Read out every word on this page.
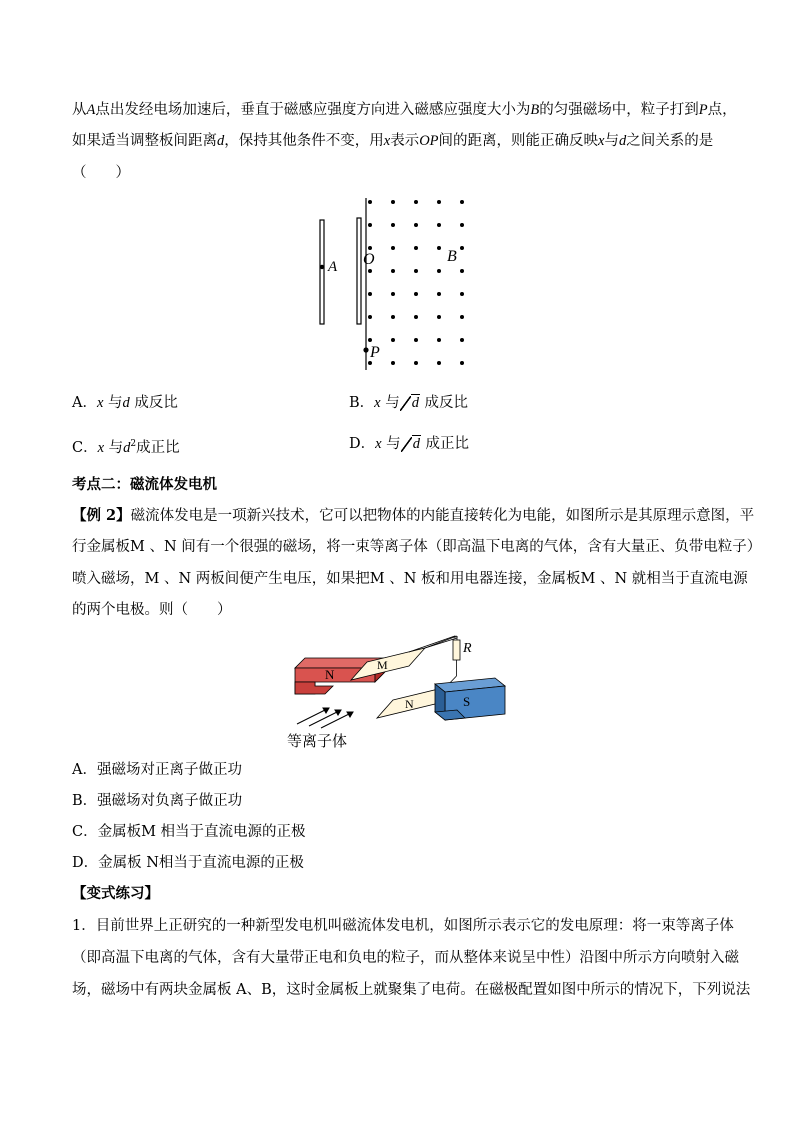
从A点出发经电场加速后，垂直于磁感应强度方向进入磁感应强度大小为B的匀强磁场中，粒子打到P点，
如果适当调整板间距离d，保持其他条件不变，用x表示OP间的距离，则能正确反映x与d之间关系的是
（　　）
A O	B
P
A．x 与d 成反比	B．x 与 d 成反比
C．x 与$d^2$成正比	D．x 与 d 成正比
考点二：磁流体发电机
【例 2】磁流体发电是一项新兴技术，它可以把物体的内能直接转化为电能，如图所示是其原理示意图，平
行金属板M 、N 间有一个很强的磁场，将一束等离子体（即高温下电离的气体，含有大量正、负带电粒子）
喷入磁场，M 、N 两板间便产生电压，如果把M 、N 板和用电器连接，金属板M 、N 就相当于直流电源
的两个电极。则（　　）
N
M
N
R
S
等离子体
A．强磁场对正离子做正功
B．强磁场对负离子做正功
C．金属板M 相当于直流电源的正极
D．金属板 N相当于直流电源的正极
【变式练习】
1．目前世界上正研究的一种新型发电机叫磁流体发电机，如图所示表示它的发电原理：将一束等离子体
（即高温下电离的气体，含有大量带正电和负电的粒子，而从整体来说呈中性）沿图中所示方向喷射入磁
场，磁场中有两块金属板 A、B，这时金属板上就聚集了电荷。在磁极配置如图中所示的情况下，下列说法
